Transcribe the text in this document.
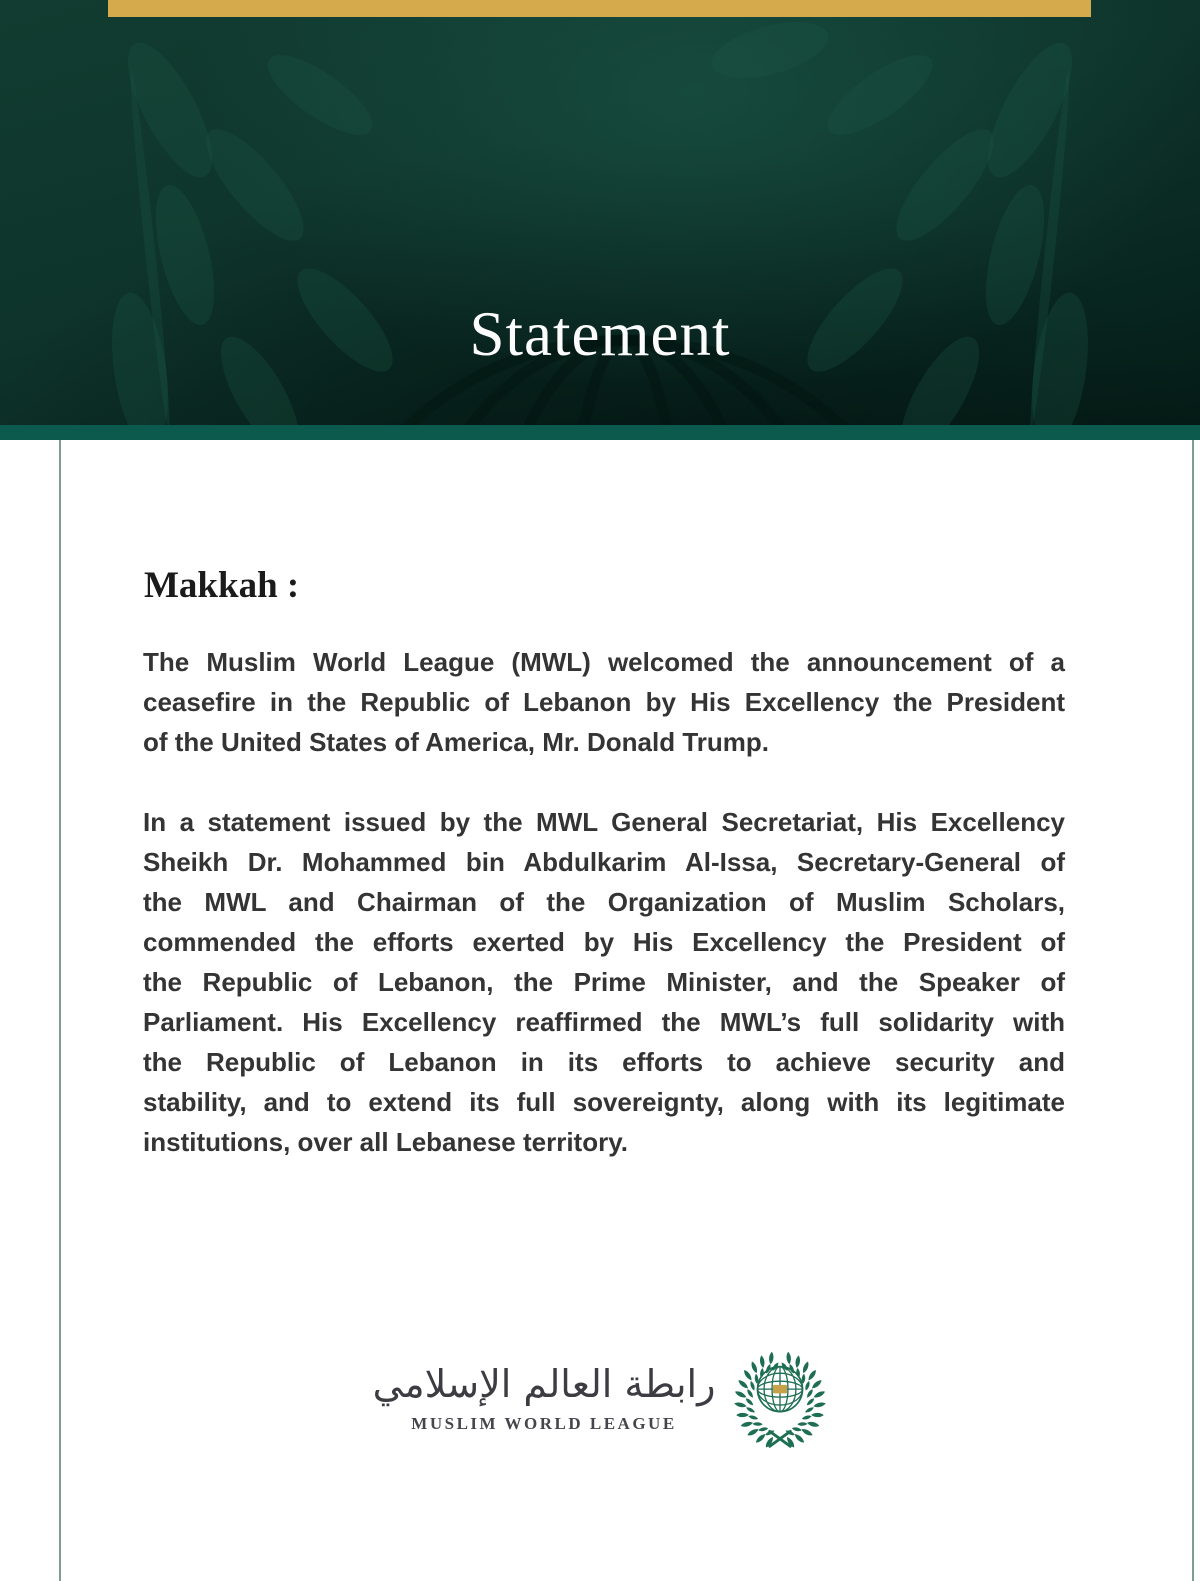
Statement
Makkah :
The Muslim World League (MWL) welcomed the announcement of a
ceasefire in the Republic of Lebanon by His Excellency the President
of the United States of America, Mr. Donald Trump.
In a statement issued by the MWL General Secretariat, His Excellency
Sheikh Dr. Mohammed bin Abdulkarim Al-Issa, Secretary-General of
the MWL and Chairman of the Organization of Muslim Scholars,
commended the efforts exerted by His Excellency the President of
the Republic of Lebanon, the Prime Minister, and the Speaker of
Parliament. His Excellency reaffirmed the MWL’s full solidarity with
the Republic of Lebanon in its efforts to achieve security and
stability, and to extend its full sovereignty, along with its legitimate
institutions, over all Lebanese territory.
رابطة العالم الإسلامي
MUSLIM WORLD LEAGUE
